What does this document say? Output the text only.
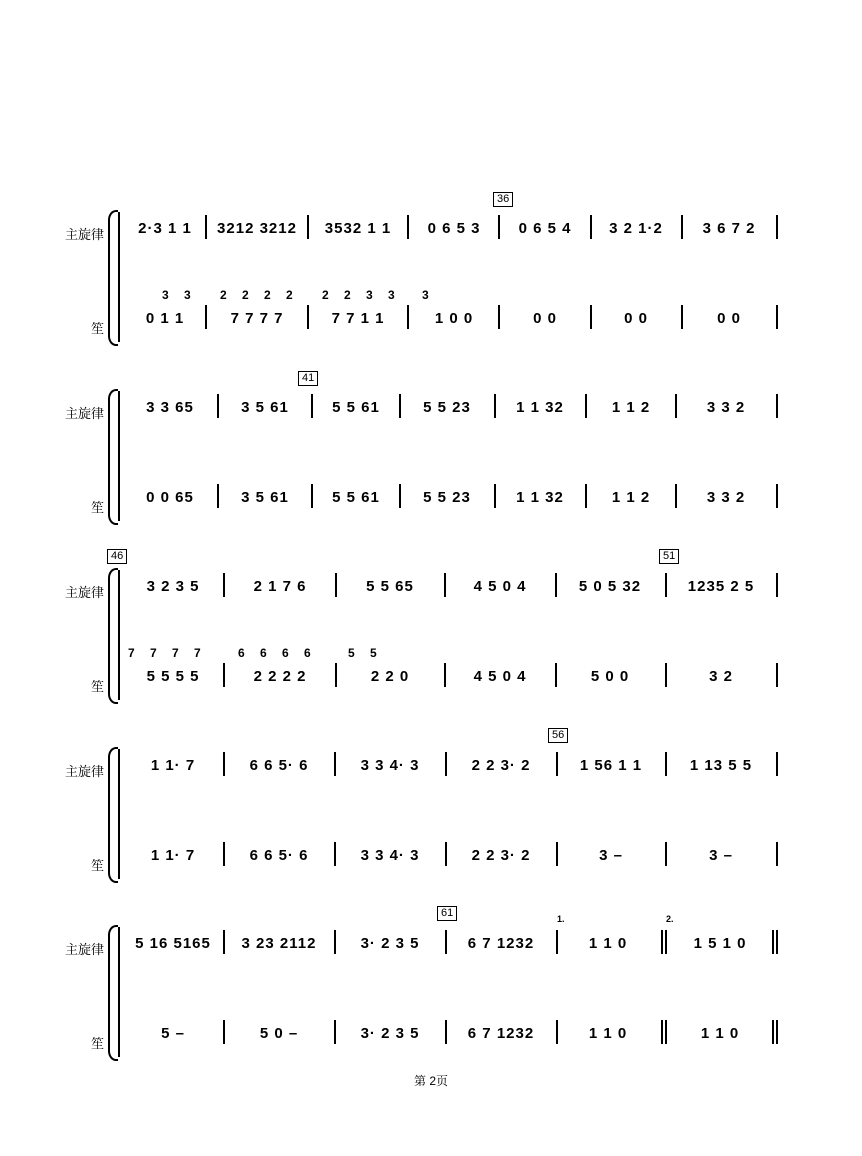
主旋律
笙
36
2·3 1 1	3212 3212	3532 1 1	0 6 5 3	0 6 5 4	3 2 1·2	3 6 7 2
3 3 2 2 2 2 2 2 3 3 3
0 1 1	7 7 7 7	7 7 1 1	1 0 0	0 0	0 0	0 0
主旋律
笙
41
3 3 65	3 5 61	5 5 61	5 5 23	1 1 32	1 1 2	3 3 2
0 0 65	3 5 61	5 5 61	5 5 23	1 1 32	1 1 2	3 3 2
主旋律
笙
46	51
3 2 3 5	2 1 7 6	5 5 65	4 5 0 4	5 0 5 32	1235 2 5
7 7 7 7	6 6 6 6	5 5
5 5 5 5	2 2 2 2	2 2 0	4 5 0 4	5 0 0	3 2
主旋律
笙
56
1 1· 7	6 6 5· 6	3 3 4· 3	2 2 3· 2	1 56 1 1	1 13 5 5
1 1· 7	6 6 5· 6	3 3 4· 3	2 2 3· 2	3 –	3 –
主旋律
笙
61	1.	2.
5 16 5165	3 23 2112	3· 2 3 5	6 7 1232	1 1 0	1 5 1 0
5 –	5 0 –	3· 2 3 5	6 7 1232	1 1 0	1 1 0
第 2页
